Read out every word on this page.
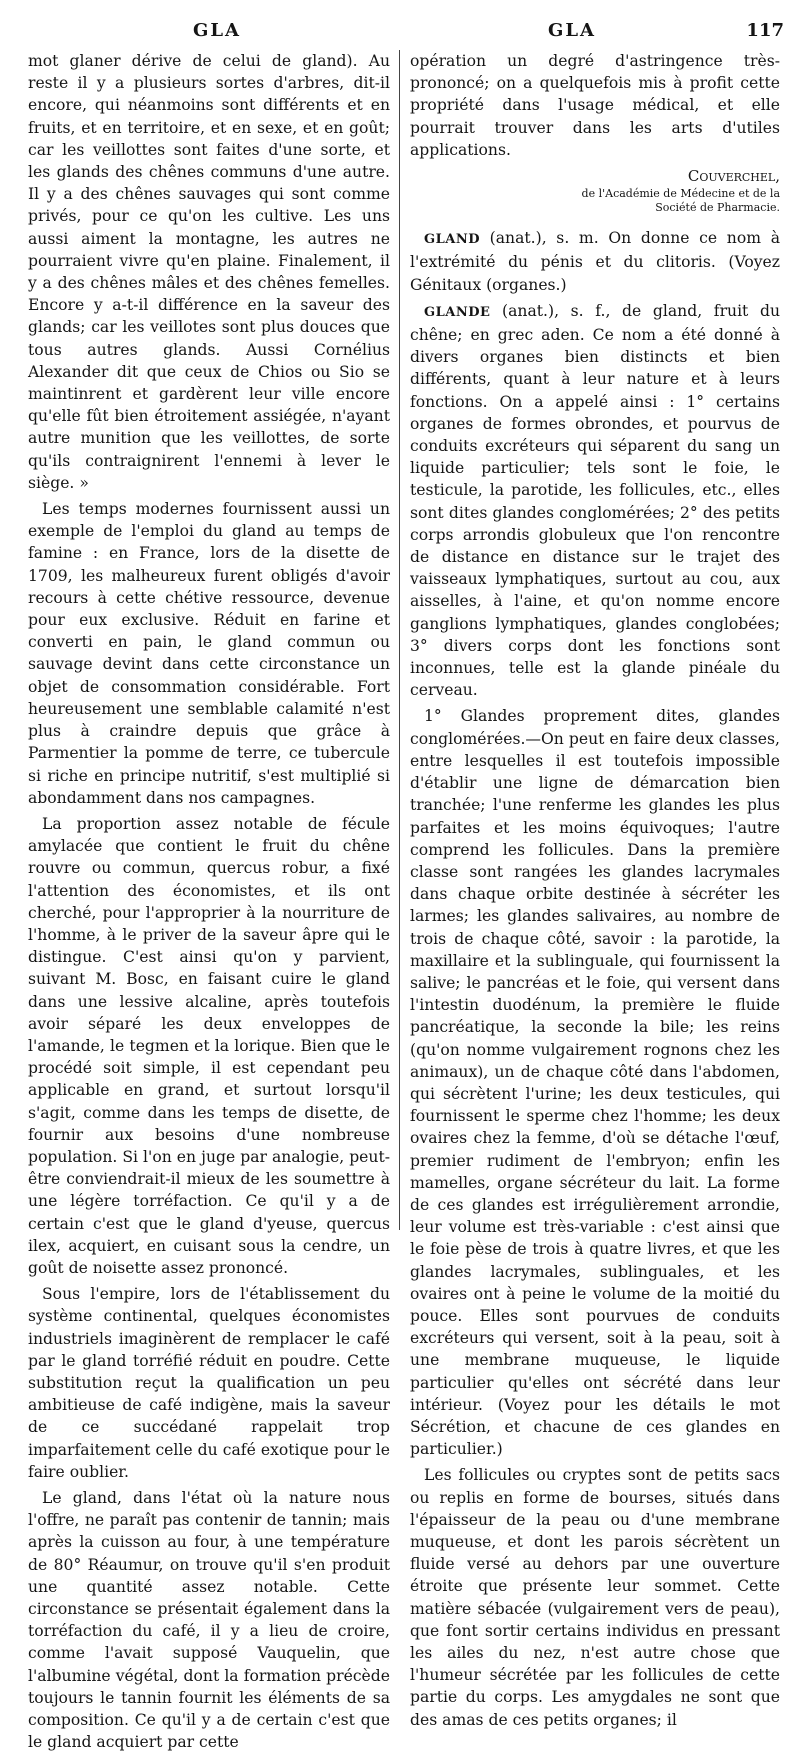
GLA	GLA	117

mot glaner dérive de celui de gland). Au reste il y a plusieurs sortes d'arbres, dit-il encore, qui néanmoins sont différents et en fruits, et en territoire, et en sexe, et en goût; car les veillottes sont faites d'une sorte, et les glands des chênes communs d'une autre. Il y a des chênes sauvages qui sont comme privés, pour ce qu'on les cultive. Les uns aussi aiment la montagne, les autres ne pourraient vivre qu'en plaine. Finalement, il y a des chênes mâles et des chênes femelles. Encore y a-t-il différence en la saveur des glands; car les veillotes sont plus douces que tous autres glands. Aussi Cornélius Alexander dit que ceux de Chios ou Sio se maintinrent et gardèrent leur ville encore qu'elle fût bien étroitement assiégée, n'ayant autre munition que les veillottes, de sorte qu'ils contraignirent l'ennemi à lever le siège. »

Les temps modernes fournissent aussi un exemple de l'emploi du gland au temps de famine : en France, lors de la disette de 1709, les malheureux furent obligés d'avoir recours à cette chétive ressource, devenue pour eux exclusive. Réduit en farine et converti en pain, le gland commun ou sauvage devint dans cette circonstance un objet de consommation considérable. Fort heureusement une semblable calamité n'est plus à craindre depuis que grâce à Parmentier la pomme de terre, ce tubercule si riche en principe nutritif, s'est multiplié si abondamment dans nos campagnes.

La proportion assez notable de fécule amylacée que contient le fruit du chêne rouvre ou commun, quercus robur, a fixé l'attention des économistes, et ils ont cherché, pour l'approprier à la nourriture de l'homme, à le priver de la saveur âpre qui le distingue. C'est ainsi qu'on y parvient, suivant M. Bosc, en faisant cuire le gland dans une lessive alcaline, après toutefois avoir séparé les deux enveloppes de l'amande, le tegmen et la lorique. Bien que le procédé soit simple, il est cependant peu applicable en grand, et surtout lorsqu'il s'agit, comme dans les temps de disette, de fournir aux besoins d'une nombreuse population. Si l'on en juge par analogie, peut-être conviendrait-il mieux de les soumettre à une légère torréfaction. Ce qu'il y a de certain c'est que le gland d'yeuse, quercus ilex, acquiert, en cuisant sous la cendre, un goût de noisette assez prononcé.

Sous l'empire, lors de l'établissement du système continental, quelques économistes industriels imaginèrent de remplacer le café par le gland torréfié réduit en poudre. Cette substitution reçut la qualification un peu ambitieuse de café indigène, mais la saveur de ce succédané rappelait trop imparfaitement celle du café exotique pour le faire oublier.

Le gland, dans l'état où la nature nous l'offre, ne paraît pas contenir de tannin; mais après la cuisson au four, à une température de 80° Réaumur, on trouve qu'il s'en produit une quantité assez notable. Cette circonstance se présentait également dans la torréfaction du café, il y a lieu de croire, comme l'avait supposé Vauquelin, que l'albumine végétal, dont la formation précède toujours le tannin fournit les éléments de sa composition. Ce qu'il y a de certain c'est que le gland acquiert par cette

opération un degré d'astringence très-prononcé; on a quelquefois mis à profit cette propriété dans l'usage médical, et elle pourrait trouver dans les arts d'utiles applications.

Couverchel,
de l'Académie de Médecine et de la
Société de Pharmacie.

GLAND (anat.), s. m. On donne ce nom à l'extrémité du pénis et du clitoris. (Voyez Génitaux (organes.)

GLANDE (anat.), s. f., de gland, fruit du chêne; en grec aden. Ce nom a été donné à divers organes bien distincts et bien différents, quant à leur nature et à leurs fonctions. On a appelé ainsi : 1° certains organes de formes obrondes, et pourvus de conduits excréteurs qui séparent du sang un liquide particulier; tels sont le foie, le testicule, la parotide, les follicules, etc., elles sont dites glandes conglomérées; 2° des petits corps arrondis globuleux que l'on rencontre de distance en distance sur le trajet des vaisseaux lymphatiques, surtout au cou, aux aisselles, à l'aine, et qu'on nomme encore ganglions lymphatiques, glandes conglobées; 3° divers corps dont les fonctions sont inconnues, telle est la glande pinéale du cerveau.

1° Glandes proprement dites, glandes conglomérées.—On peut en faire deux classes, entre lesquelles il est toutefois impossible d'établir une ligne de démarcation bien tranchée; l'une renferme les glandes les plus parfaites et les moins équivoques; l'autre comprend les follicules. Dans la première classe sont rangées les glandes lacrymales dans chaque orbite destinée à sécréter les larmes; les glandes salivaires, au nombre de trois de chaque côté, savoir : la parotide, la maxillaire et la sublinguale, qui fournissent la salive; le pancréas et le foie, qui versent dans l'intestin duodénum, la première le fluide pancréatique, la seconde la bile; les reins (qu'on nomme vulgairement rognons chez les animaux), un de chaque côté dans l'abdomen, qui sécrètent l'urine; les deux testicules, qui fournissent le sperme chez l'homme; les deux ovaires chez la femme, d'où se détache l'œuf, premier rudiment de l'embryon; enfin les mamelles, organe sécréteur du lait. La forme de ces glandes est irrégulièrement arrondie, leur volume est très-variable : c'est ainsi que le foie pèse de trois à quatre livres, et que les glandes lacrymales, sublinguales, et les ovaires ont à peine le volume de la moitié du pouce. Elles sont pourvues de conduits excréteurs qui versent, soit à la peau, soit à une membrane muqueuse, le liquide particulier qu'elles ont sécrété dans leur intérieur. (Voyez pour les détails le mot Sécrétion, et chacune de ces glandes en particulier.)

Les follicules ou cryptes sont de petits sacs ou replis en forme de bourses, situés dans l'épaisseur de la peau ou d'une membrane muqueuse, et dont les parois sécrètent un fluide versé au dehors par une ouverture étroite que présente leur sommet. Cette matière sébacée (vulgairement vers de peau), que font sortir certains individus en pressant les ailes du nez, n'est autre chose que l'humeur sécrétée par les follicules de cette partie du corps. Les amygdales ne sont que des amas de ces petits organes; il
